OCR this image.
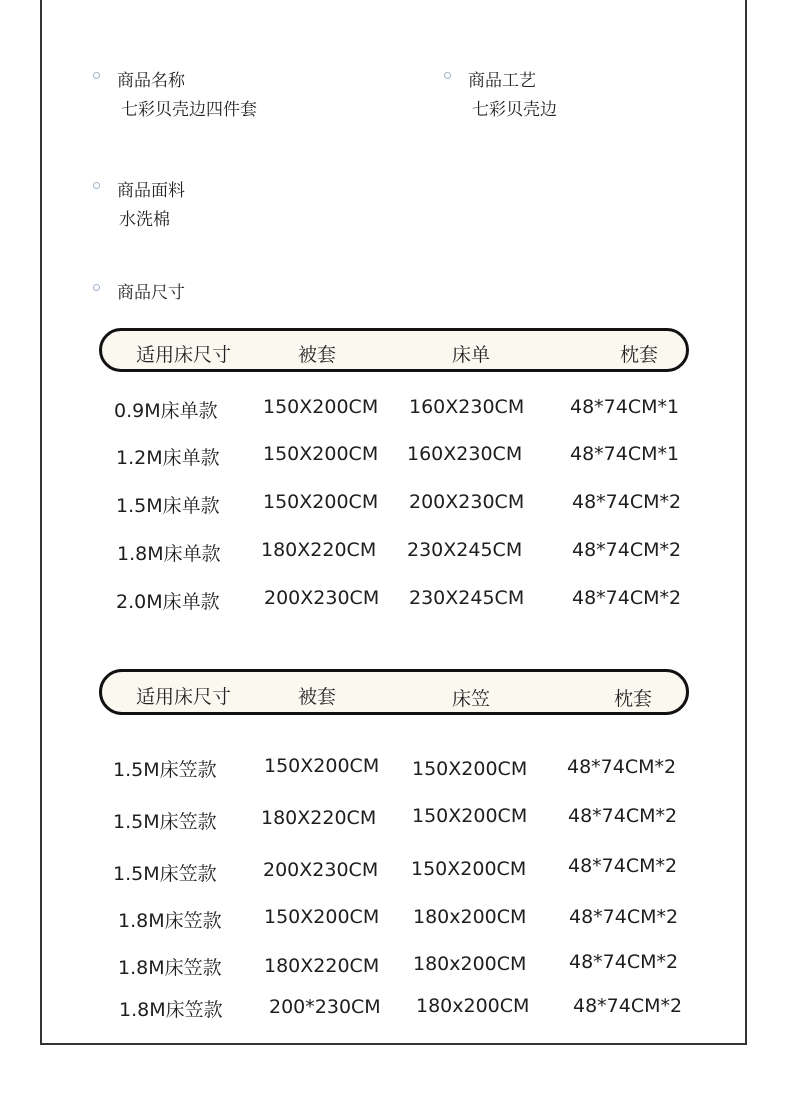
商品名称
七彩贝壳边四件套
商品工艺
七彩贝壳边
商品面料
水洗棉
商品尺寸
适用床尺寸	被套	床单	枕套
0.9M床单款 150X200CM 160X230CM 48*74CM*1
1.2M床单款 150X200CM 160X230CM	48*74CM*1
1.5M床单款 150X200CM 200X230CM	48*74CM*2
1.8M床单款 180X220CM 230X245CM	48*74CM*2
2.0M床单款 200X230CM 230X245CM	48*74CM*2
适用床尺寸	被套	床笠	枕套
1.5M床笠款 150X200CM 150X200CM 48*74CM*2
1.5M床笠款 180X220CM 150X200CM 48*74CM*2
1.5M床笠款 200X230CM 150X200CM 48*74CM*2
1.8M床笠款 150X200CM 180x200CM 48*74CM*2
1.8M床笠款 180X220CM 180x200CM 48*74CM*2
1.8M床笠款 200*230CM 180x200CM 48*74CM*2
